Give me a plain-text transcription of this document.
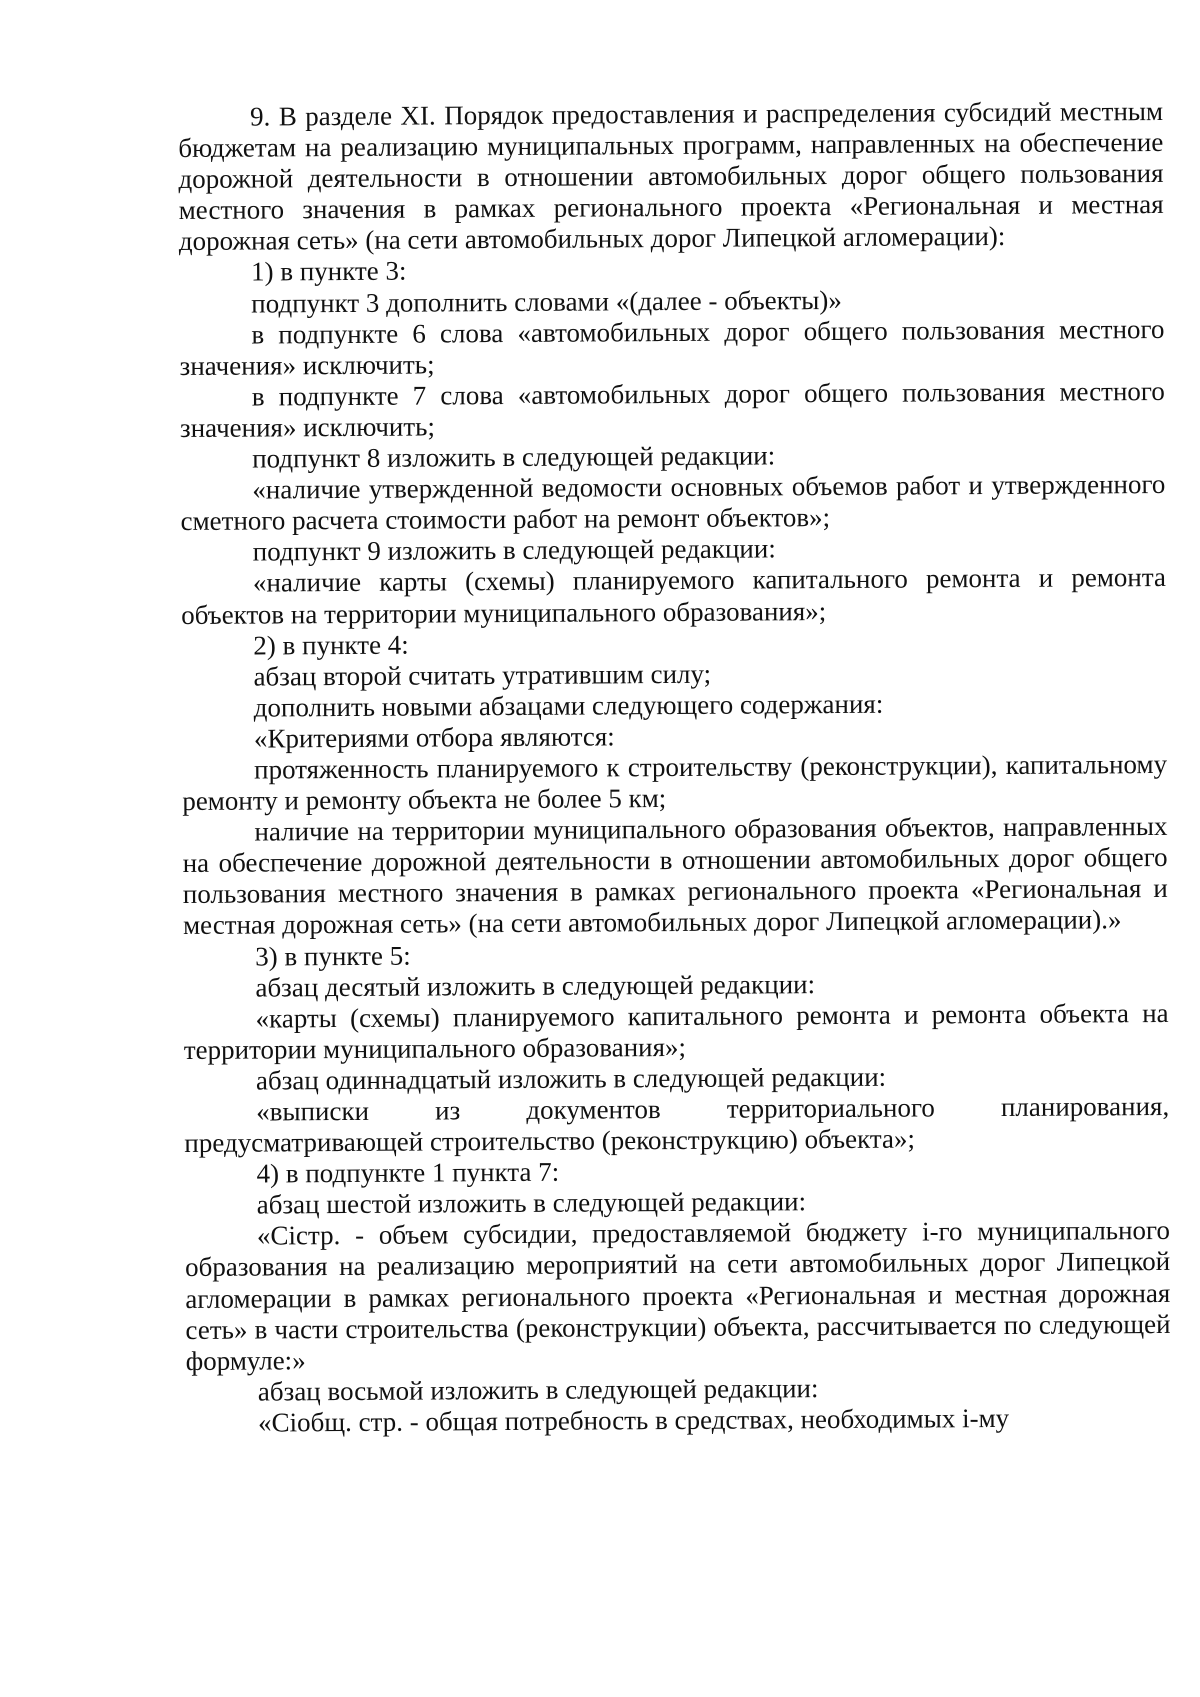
9. В разделе XI. Порядок предоставления и распределения субсидий местным бюджетам на реализацию муниципальных программ, направленных на обеспечение дорожной деятельности в отношении автомобильных дорог общего пользования местного значения в рамках регионального проекта «Региональная и местная дорожная сеть» (на сети автомобильных дорог Липецкой агломерации):

1) в пункте 3:

подпункт 3 дополнить словами «(далее - объекты)»

в подпункте 6 слова «автомобильных дорог общего пользования местного значения» исключить;

в подпункте 7 слова «автомобильных дорог общего пользования местного значения» исключить;

подпункт 8 изложить в следующей редакции:

«наличие утвержденной ведомости основных объемов работ и утвержденного сметного расчета стоимости работ на ремонт объектов»;

подпункт 9 изложить в следующей редакции:

«наличие карты (схемы) планируемого капитального ремонта и ремонта объектов на территории муниципального образования»;

2) в пункте 4:

абзац второй считать утратившим силу;

дополнить новыми абзацами следующего содержания:

«Критериями отбора являются:

протяженность планируемого к строительству (реконструкции), капитальному ремонту и ремонту объекта не более 5 км;

наличие на территории муниципального образования объектов, направленных на обеспечение дорожной деятельности в отношении автомобильных дорог общего пользования местного значения в рамках регионального проекта «Региональная и местная дорожная сеть» (на сети автомобильных дорог Липецкой агломерации).»

3) в пункте 5:

абзац десятый изложить в следующей редакции:

«карты (схемы) планируемого капитального ремонта и ремонта объекта на территории муниципального образования»;

абзац одиннадцатый изложить в следующей редакции:

«выписки из документов территориального планирования, предусматривающей строительство (реконструкцию) объекта»;

4) в подпункте 1 пункта 7:

абзац шестой изложить в следующей редакции:

«Сiстр. - объем субсидии, предоставляемой бюджету i-го муниципального образования на реализацию мероприятий на сети автомобильных дорог Липецкой агломерации в рамках регионального проекта «Региональная и местная дорожная сеть» в части строительства (реконструкции) объекта, рассчитывается по следующей формуле:»

абзац восьмой изложить в следующей редакции:

«Сiобщ. стр. - общая потребность в средствах, необходимых i-му
